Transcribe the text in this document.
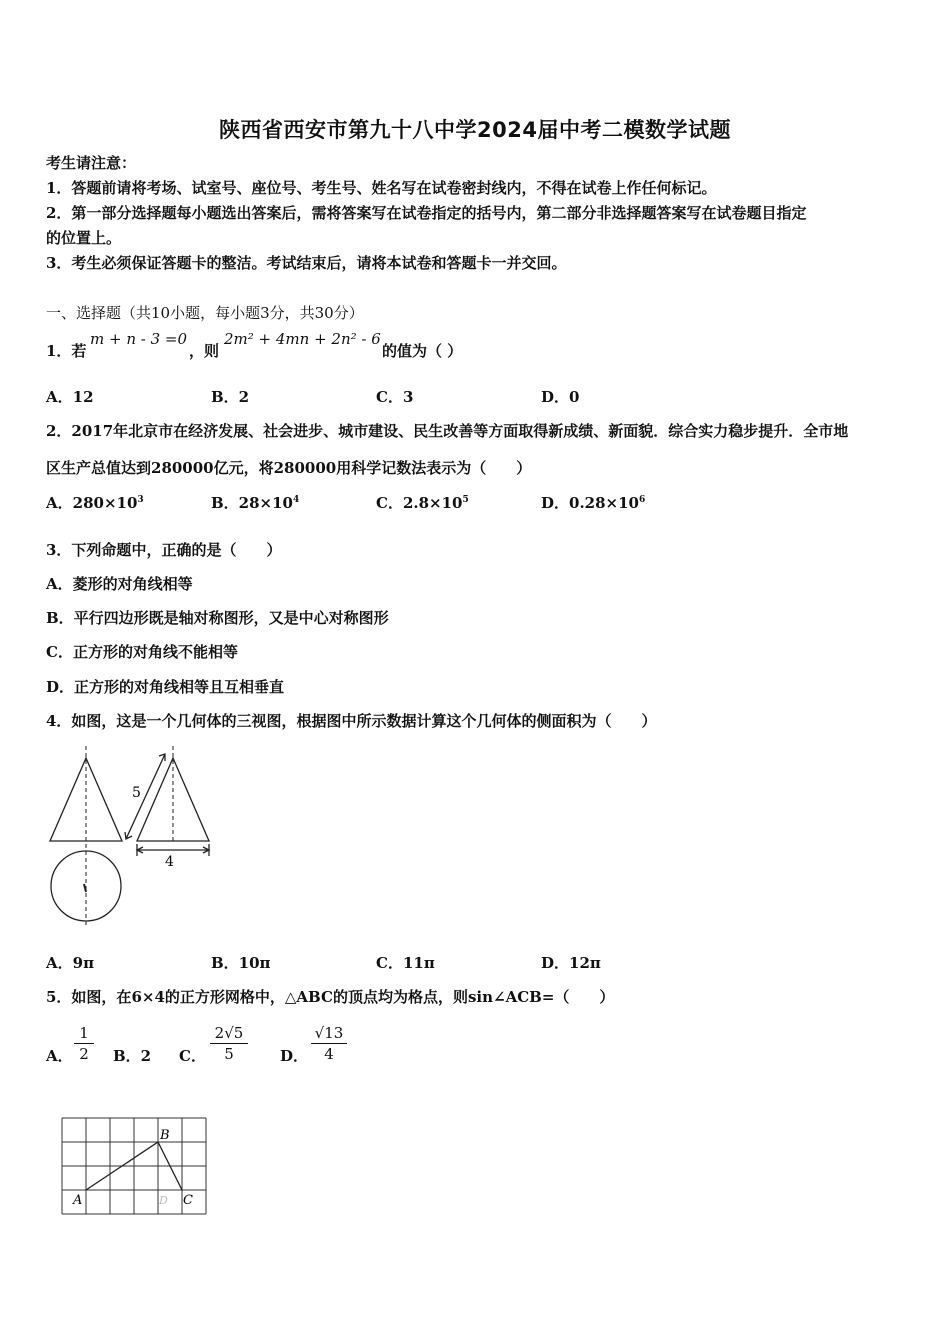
陕西省西安市第九十八中学2024届中考二模数学试题
考生请注意：
1．答题前请将考场、试室号、座位号、考生号、姓名写在试卷密封线内，不得在试卷上作任何标记。
2．第一部分选择题每小题选出答案后，需将答案写在试卷指定的括号内，第二部分非选择题答案写在试卷题目指定
的位置上。
3．考生必须保证答题卡的整洁。考试结束后，请将本试卷和答题卡一并交回。
一、选择题（共10小题，每小题3分，共30分）
1．若
m + n - 3 =0
，则
2m² + 4mn + 2n² - 6
的值为（ ）
A．12	B．2	C．3	D．0
2．2017年北京市在经济发展、社会进步、城市建设、民生改善等方面取得新成绩、新面貌．综合实力稳步提升．全市地
区生产总值达到280000亿元，将280000用科学记数法表示为（　　）
A．$280\times 10^3$	B．$28\times 10^4$	C．$2.8\times 10^5$	D．$0.28\times 10^6$
3．下列命题中，正确的是（　　）
A．菱形的对角线相等
B．平行四边形既是轴对称图形，又是中心对称图形
C．正方形的对角线不能相等
D．正方形的对角线相等且互相垂直
4．如图，这是一个几何体的三视图，根据图中所示数据计算这个几何体的侧面积为（　　）
5
4
A．9π	B．10π	C．11π	D．12π
5．如图，在6×4的正方形网格中，△ABC的顶点均为格点，则sin∠ACB=（　　）
A． $\frac{1}{2}$ B．2 C． $\frac{2√5}{5}$ D． $\frac{√13}{4}$
B
A	C
D
